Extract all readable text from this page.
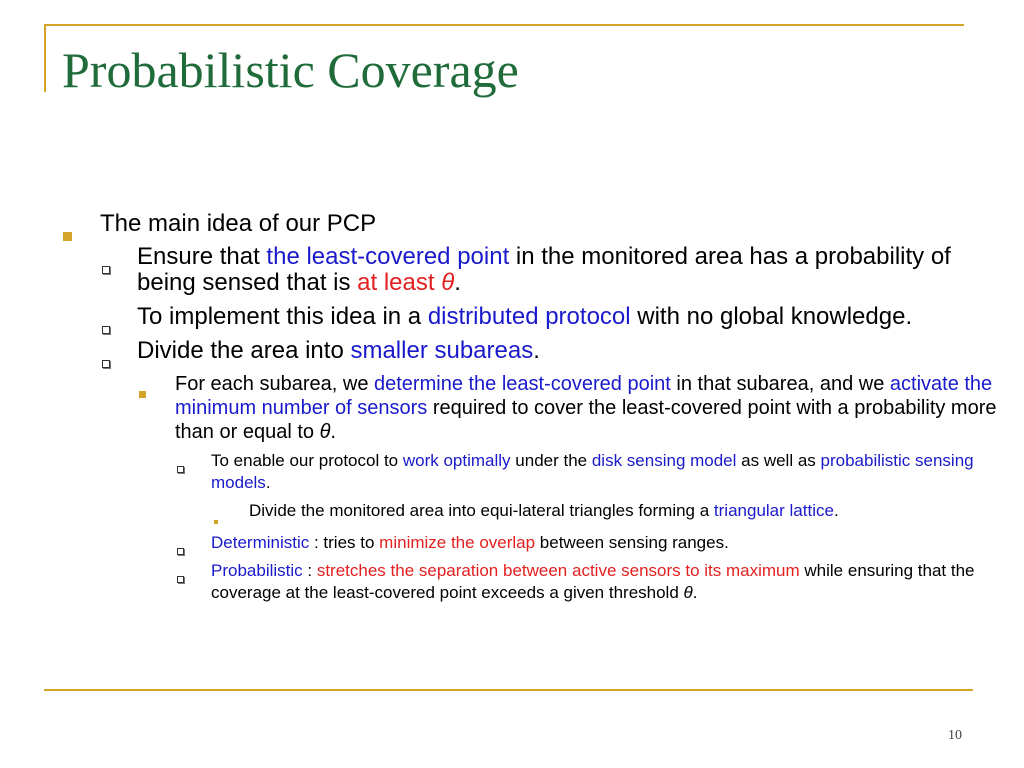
Probabilistic Coverage
The main idea of our PCP
Ensure that the least-covered point in the monitored area has a probability of being sensed that is at least θ.
To implement this idea in a distributed protocol with no global knowledge.
Divide the area into smaller subareas.
For each subarea, we determine the least-covered point in that subarea, and we activate the minimum number of sensors required to cover the least-covered point with a probability more than or equal to θ.
To enable our protocol to work optimally under the disk sensing model as well as probabilistic sensing models.
Divide the monitored area into equi-lateral triangles forming a triangular lattice.
Deterministic : tries to minimize the overlap between sensing ranges.
Probabilistic : stretches the separation between active sensors to its maximum while ensuring that the coverage at the least-covered point exceeds a given threshold θ.
10
